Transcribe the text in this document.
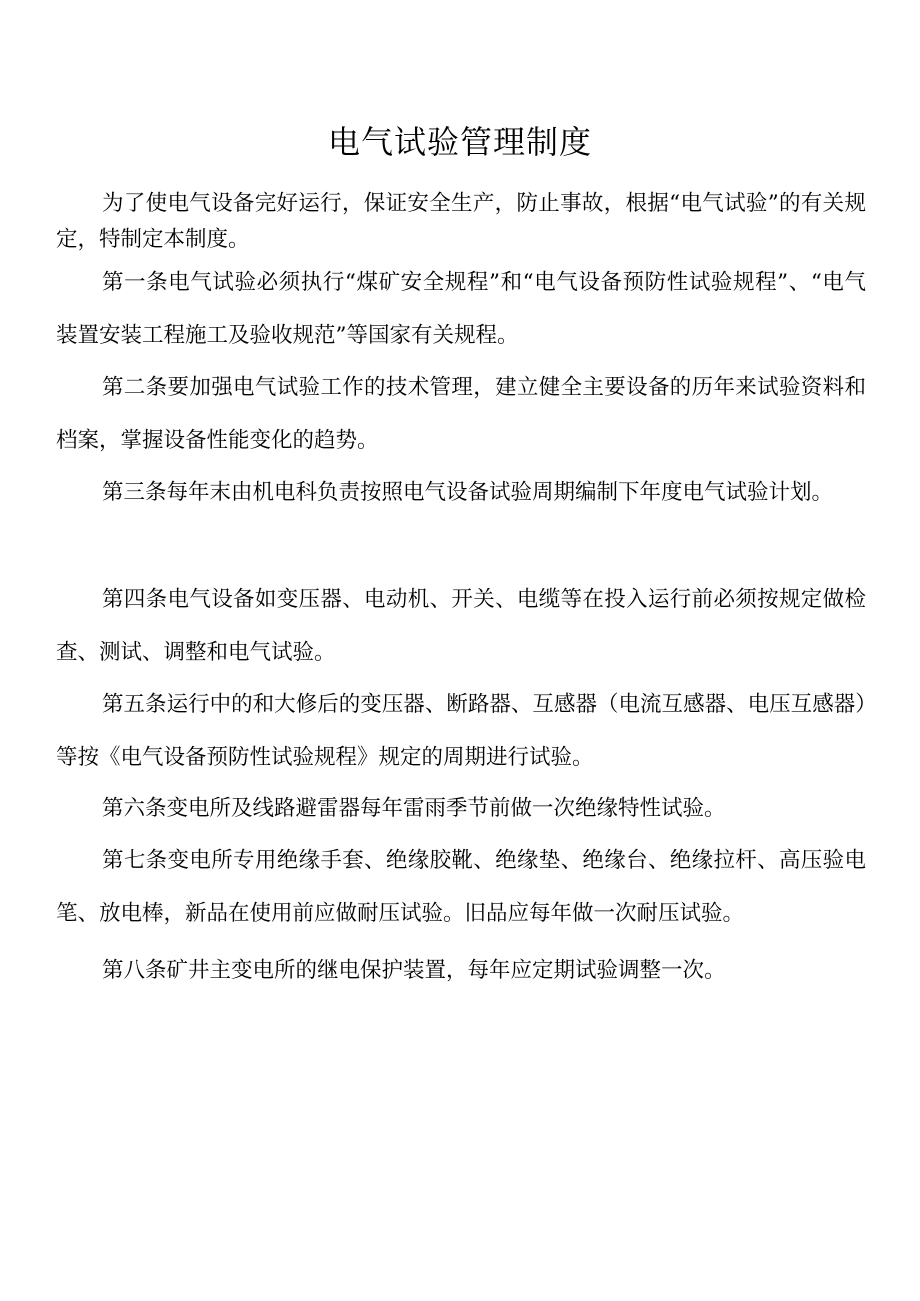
电气试验管理制度

为了使电气设备完好运行，保证安全生产，防止事故，根据“电气试验”的有关规定，特制定本制度。

第一条电气试验必须执行“煤矿安全规程”和“电气设备预防性试验规程”、“电气装置安装工程施工及验收规范”等国家有关规程。

第二条要加强电气试验工作的技术管理，建立健全主要设备的历年来试验资料和档案，掌握设备性能变化的趋势。

第三条每年末由机电科负责按照电气设备试验周期编制下年度电气试验计划。

第四条电气设备如变压器、电动机、开关、电缆等在投入运行前必须按规定做检查、测试、调整和电气试验。

第五条运行中的和大修后的变压器、断路器、互感器（电流互感器、电压互感器）等按《电气设备预防性试验规程》规定的周期进行试验。

第六条变电所及线路避雷器每年雷雨季节前做一次绝缘特性试验。

第七条变电所专用绝缘手套、绝缘胶靴、绝缘垫、绝缘台、绝缘拉杆、高压验电笔、放电棒，新品在使用前应做耐压试验。旧品应每年做一次耐压试验。

第八条矿井主变电所的继电保护装置，每年应定期试验调整一次。
